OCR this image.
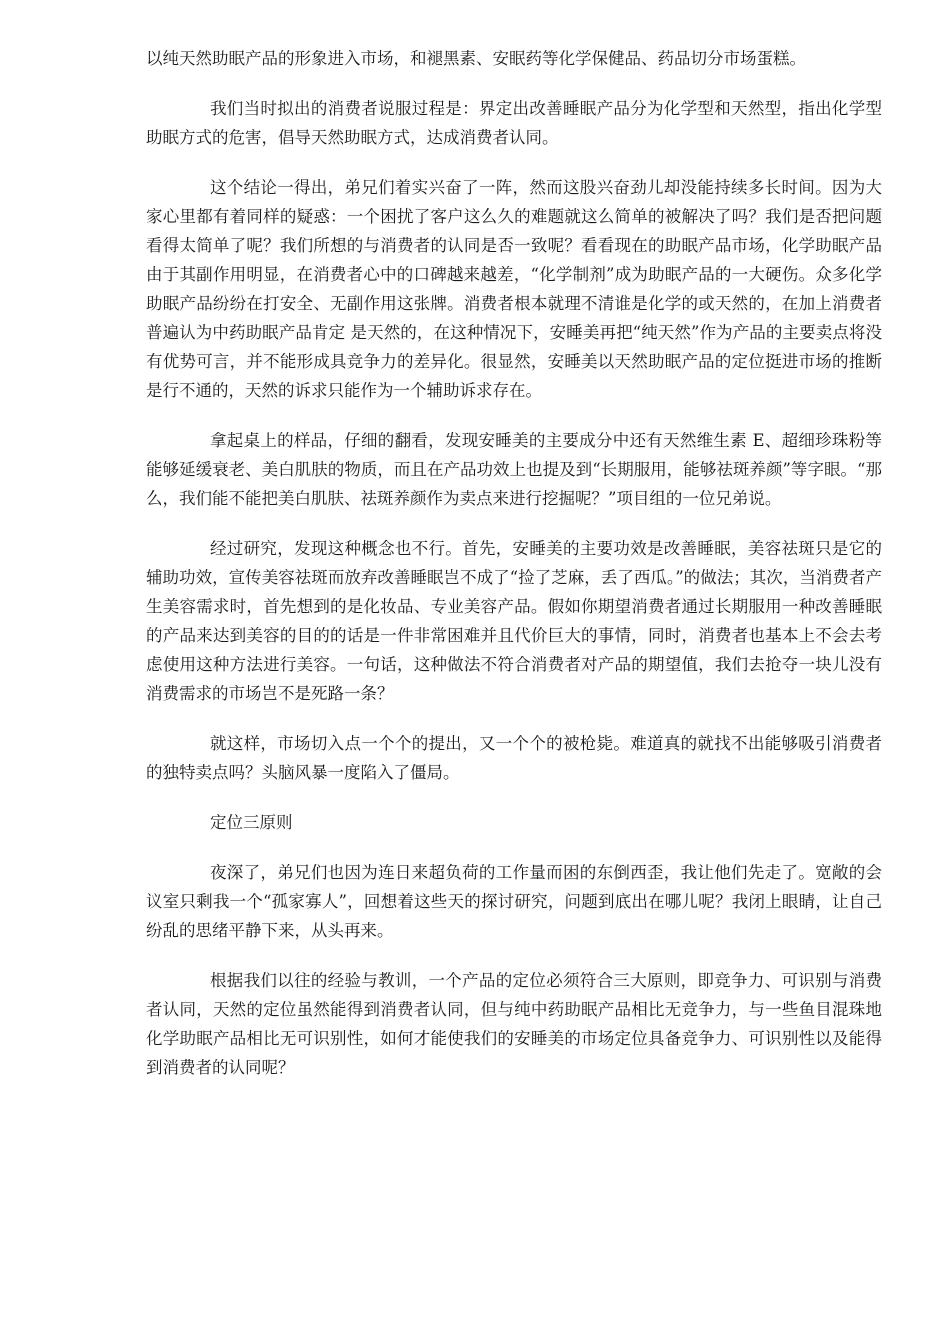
以纯天然助眠产品的形象进入市场，和褪黑素、安眠药等化学保健品、药品切分市场蛋糕。

我们当时拟出的消费者说服过程是：界定出改善睡眠产品分为化学型和天然型，指出化学型助眠方式的危害，倡导天然助眠方式，达成消费者认同。

这个结论一得出，弟兄们着实兴奋了一阵，然而这股兴奋劲儿却没能持续多长时间。因为大家心里都有着同样的疑惑：一个困扰了客户这么久的难题就这么简单的被解决了吗？我们是否把问题看得太简单了呢？我们所想的与消费者的认同是否一致呢？看看现在的助眠产品市场，化学助眠产品由于其副作用明显，在消费者心中的口碑越来越差，“化学制剂”成为助眠产品的一大硬伤。众多化学助眠产品纷纷在打安全、无副作用这张牌。消费者根本就理不清谁是化学的或天然的，在加上消费者普遍认为中药助眠产品肯定 是天然的，在这种情况下，安睡美再把“纯天然”作为产品的主要卖点将没有优势可言，并不能形成具竞争力的差异化。很显然，安睡美以天然助眠产品的定位挺进市场的推断是行不通的，天然的诉求只能作为一个辅助诉求存在。

拿起桌上的样品，仔细的翻看，发现安睡美的主要成分中还有天然维生素 E、超细珍珠粉等能够延缓衰老、美白肌肤的物质，而且在产品功效上也提及到“长期服用，能够祛斑养颜”等字眼。“那么，我们能不能把美白肌肤、祛斑养颜作为卖点来进行挖掘呢？”项目组的一位兄弟说。

经过研究，发现这种概念也不行。首先，安睡美的主要功效是改善睡眠，美容祛斑只是它的辅助功效，宣传美容祛斑而放弃改善睡眠岂不成了“捡了芝麻，丢了西瓜。”的做法；其次，当消费者产生美容需求时，首先想到的是化妆品、专业美容产品。假如你期望消费者通过长期服用一种改善睡眠的产品来达到美容的目的的话是一件非常困难并且代价巨大的事情，同时，消费者也基本上不会去考虑使用这种方法进行美容。一句话，这种做法不符合消费者对产品的期望值，我们去抢夺一块儿没有消费需求的市场岂不是死路一条？

就这样，市场切入点一个个的提出，又一个个的被枪毙。难道真的就找不出能够吸引消费者的独特卖点吗？头脑风暴一度陷入了僵局。

定位三原则

夜深了，弟兄们也因为连日来超负荷的工作量而困的东倒西歪，我让他们先走了。宽敞的会议室只剩我一个“孤家寡人”，回想着这些天的探讨研究，问题到底出在哪儿呢？我闭上眼睛，让自己纷乱的思绪平静下来，从头再来。

根据我们以往的经验与教训，一个产品的定位必须符合三大原则，即竞争力、可识别与消费者认同，天然的定位虽然能得到消费者认同，但与纯中药助眠产品相比无竞争力，与一些鱼目混珠地化学助眠产品相比无可识别性，如何才能使我们的安睡美的市场定位具备竞争力、可识别性以及能得到消费者的认同呢？
